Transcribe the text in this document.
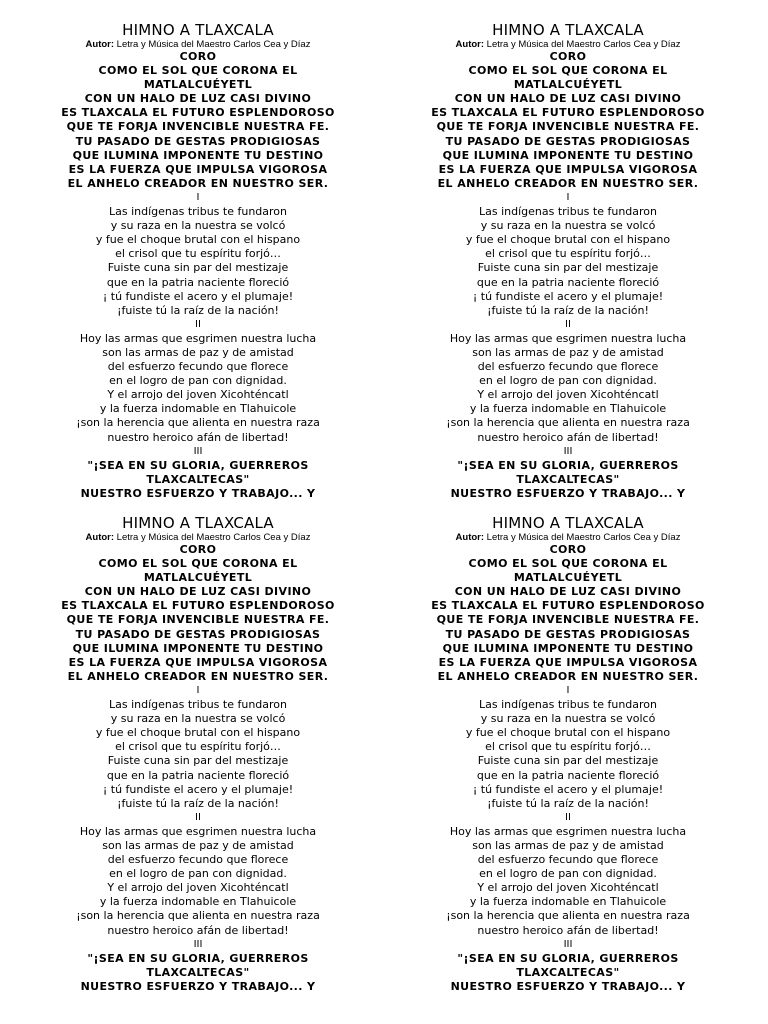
HIMNO A TLAXCALA

Autor: Letra y Música del Maestro Carlos Cea y Díaz

CORO
COMO EL SOL QUE CORONA EL
MATLALCUÉYETL
CON UN HALO DE LUZ CASI DIVINO
ES TLAXCALA EL FUTURO ESPLENDOROSO
QUE TE FORJA INVENCIBLE NUESTRA FE.
TU PASADO DE GESTAS PRODIGIOSAS
QUE ILUMINA IMPONENTE TU DESTINO
ES LA FUERZA QUE IMPULSA VIGOROSA
EL ANHELO CREADOR EN NUESTRO SER.
I
Las indígenas tribus te fundaron
y su raza en la nuestra se volcó
y fue el choque brutal con el hispano
el crisol que tu espíritu forjó…
Fuiste cuna sin par del mestizaje
que en la patria naciente floreció
¡ tú fundiste el acero y el plumaje!
¡fuiste tú la raíz de la nación!
II
Hoy las armas que esgrimen nuestra lucha
son las armas de paz y de amistad
del esfuerzo fecundo que florece
en el logro de pan con dignidad.
Y el arrojo del joven Xicohténcatl
y la fuerza indomable en Tlahuicole
¡son la herencia que alienta en nuestra raza
nuestro heroico afán de libertad!
III
"¡SEA EN SU GLORIA, GUERREROS
TLAXCALTECAS"
NUESTRO ESFUERZO Y TRABAJO... Y

HIMNO A TLAXCALA

Autor: Letra y Música del Maestro Carlos Cea y Díaz

CORO
COMO EL SOL QUE CORONA EL
MATLALCUÉYETL
CON UN HALO DE LUZ CASI DIVINO
ES TLAXCALA EL FUTURO ESPLENDOROSO
QUE TE FORJA INVENCIBLE NUESTRA FE.
TU PASADO DE GESTAS PRODIGIOSAS
QUE ILUMINA IMPONENTE TU DESTINO
ES LA FUERZA QUE IMPULSA VIGOROSA
EL ANHELO CREADOR EN NUESTRO SER.
I
Las indígenas tribus te fundaron
y su raza en la nuestra se volcó
y fue el choque brutal con el hispano
el crisol que tu espíritu forjó…
Fuiste cuna sin par del mestizaje
que en la patria naciente floreció
¡ tú fundiste el acero y el plumaje!
¡fuiste tú la raíz de la nación!
II
Hoy las armas que esgrimen nuestra lucha
son las armas de paz y de amistad
del esfuerzo fecundo que florece
en el logro de pan con dignidad.
Y el arrojo del joven Xicohténcatl
y la fuerza indomable en Tlahuicole
¡son la herencia que alienta en nuestra raza
nuestro heroico afán de libertad!
III
"¡SEA EN SU GLORIA, GUERREROS
TLAXCALTECAS"
NUESTRO ESFUERZO Y TRABAJO... Y

HIMNO A TLAXCALA

Autor: Letra y Música del Maestro Carlos Cea y Díaz

CORO
COMO EL SOL QUE CORONA EL
MATLALCUÉYETL
CON UN HALO DE LUZ CASI DIVINO
ES TLAXCALA EL FUTURO ESPLENDOROSO
QUE TE FORJA INVENCIBLE NUESTRA FE.
TU PASADO DE GESTAS PRODIGIOSAS
QUE ILUMINA IMPONENTE TU DESTINO
ES LA FUERZA QUE IMPULSA VIGOROSA
EL ANHELO CREADOR EN NUESTRO SER.
I
Las indígenas tribus te fundaron
y su raza en la nuestra se volcó
y fue el choque brutal con el hispano
el crisol que tu espíritu forjó…
Fuiste cuna sin par del mestizaje
que en la patria naciente floreció
¡ tú fundiste el acero y el plumaje!
¡fuiste tú la raíz de la nación!
II
Hoy las armas que esgrimen nuestra lucha
son las armas de paz y de amistad
del esfuerzo fecundo que florece
en el logro de pan con dignidad.
Y el arrojo del joven Xicohténcatl
y la fuerza indomable en Tlahuicole
¡son la herencia que alienta en nuestra raza
nuestro heroico afán de libertad!
III
"¡SEA EN SU GLORIA, GUERREROS
TLAXCALTECAS"
NUESTRO ESFUERZO Y TRABAJO... Y

HIMNO A TLAXCALA

Autor: Letra y Música del Maestro Carlos Cea y Díaz

CORO
COMO EL SOL QUE CORONA EL
MATLALCUÉYETL
CON UN HALO DE LUZ CASI DIVINO
ES TLAXCALA EL FUTURO ESPLENDOROSO
QUE TE FORJA INVENCIBLE NUESTRA FE.
TU PASADO DE GESTAS PRODIGIOSAS
QUE ILUMINA IMPONENTE TU DESTINO
ES LA FUERZA QUE IMPULSA VIGOROSA
EL ANHELO CREADOR EN NUESTRO SER.
I
Las indígenas tribus te fundaron
y su raza en la nuestra se volcó
y fue el choque brutal con el hispano
el crisol que tu espíritu forjó…
Fuiste cuna sin par del mestizaje
que en la patria naciente floreció
¡ tú fundiste el acero y el plumaje!
¡fuiste tú la raíz de la nación!
II
Hoy las armas que esgrimen nuestra lucha
son las armas de paz y de amistad
del esfuerzo fecundo que florece
en el logro de pan con dignidad.
Y el arrojo del joven Xicohténcatl
y la fuerza indomable en Tlahuicole
¡son la herencia que alienta en nuestra raza
nuestro heroico afán de libertad!
III
"¡SEA EN SU GLORIA, GUERREROS
TLAXCALTECAS"
NUESTRO ESFUERZO Y TRABAJO... Y
